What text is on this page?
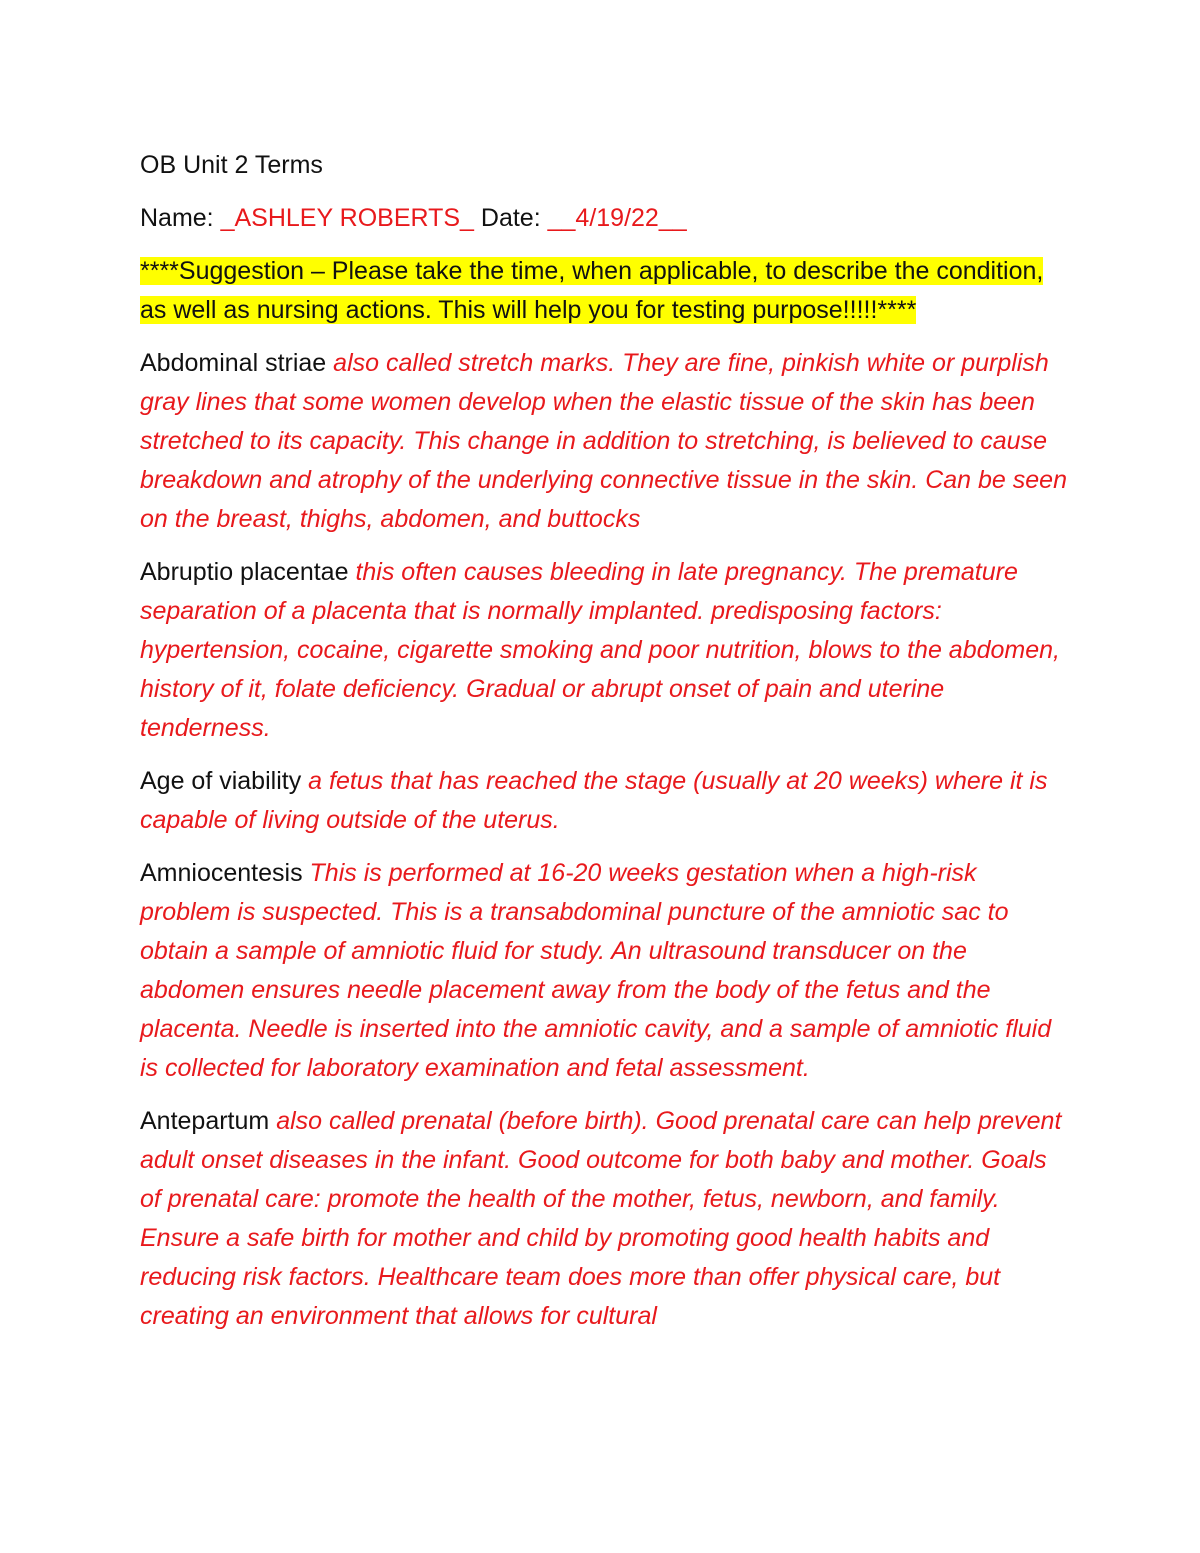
OB Unit 2 Terms

Name: _ASHLEY ROBERTS_ Date: __4/19/22__

****Suggestion – Please take the time, when applicable, to describe the condition, as well as nursing actions. This will help you for testing purpose!!!!!****

Abdominal striae also called stretch marks. They are fine, pinkish white or purplish gray lines that some women develop when the elastic tissue of the skin has been stretched to its capacity. This change in addition to stretching, is believed to cause breakdown and atrophy of the underlying connective tissue in the skin. Can be seen on the breast, thighs, abdomen, and buttocks

Abruptio placentae this often causes bleeding in late pregnancy. The premature separation of a placenta that is normally implanted. predisposing factors: hypertension, cocaine, cigarette smoking and poor nutrition, blows to the abdomen, history of it, folate deficiency. Gradual or abrupt onset of pain and uterine tenderness.

Age of viability a fetus that has reached the stage (usually at 20 weeks) where it is capable of living outside of the uterus.

Amniocentesis This is performed at 16-20 weeks gestation when a high-risk problem is suspected. This is a transabdominal puncture of the amniotic sac to obtain a sample of amniotic fluid for study. An ultrasound transducer on the abdomen ensures needle placement away from the body of the fetus and the placenta. Needle is inserted into the amniotic cavity, and a sample of amniotic fluid is collected for laboratory examination and fetal assessment.

Antepartum also called prenatal (before birth). Good prenatal care can help prevent adult onset diseases in the infant. Good outcome for both baby and mother. Goals of prenatal care: promote the health of the mother, fetus, newborn, and family. Ensure a safe birth for mother and child by promoting good health habits and reducing risk factors. Healthcare team does more than offer physical care, but creating an environment that allows for cultural
